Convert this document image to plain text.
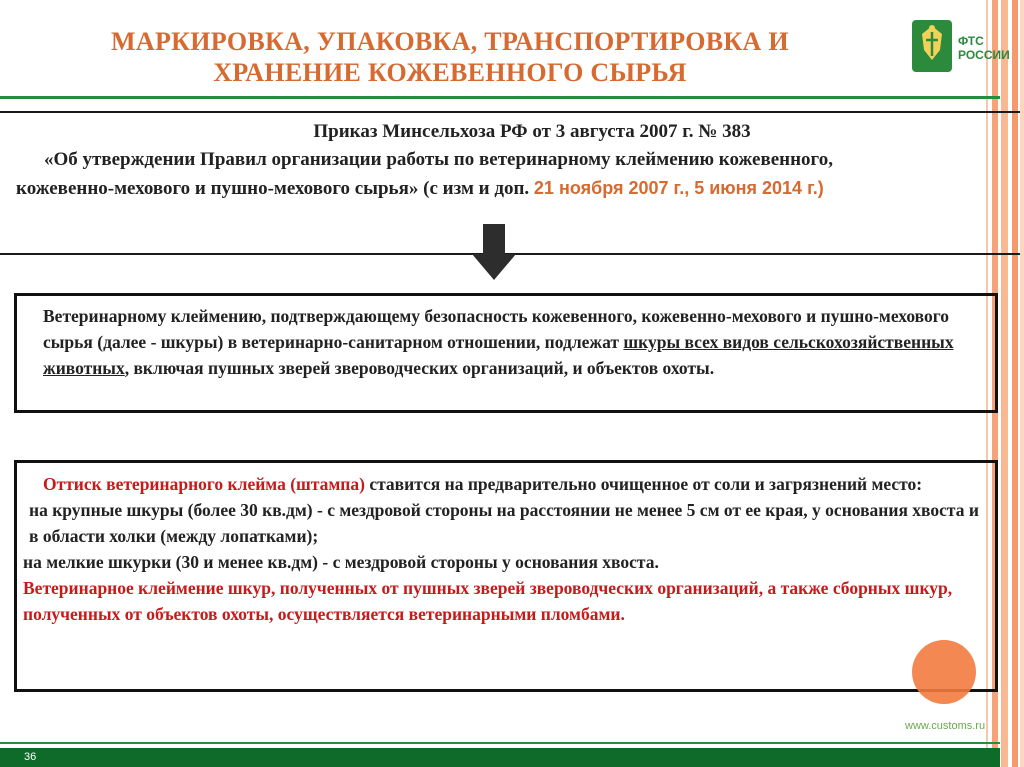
МАРКИРОВКА, УПАКОВКА, ТРАНСПОРТИРОВКА И
ХРАНЕНИЕ КОЖЕВЕННОГО СЫРЬЯ
ФТС
РОССИИ
Приказ Минсельхоза РФ от 3 августа 2007 г. № 383
«Об утверждении Правил организации работы по ветеринарному клеймению кожевенного,
кожевенно-мехового и пушно-мехового сырья» (с изм и доп. 21 ноября 2007 г., 5 июня 2014 г.)
Ветеринарному клеймению, подтверждающему безопасность кожевенного, кожевенно-мехового и пушно-мехового сырья (далее - шкуры) в ветеринарно-санитарном отношении, подлежат шкуры всех видов сельскохозяйственных животных, включая пушных зверей звероводческих организаций, и объектов охоты.
Оттиск ветеринарного клейма (штампа) ставится на предварительно очищенное от соли и загрязнений место:
на крупные шкуры (более 30 кв.дм) - с мездровой стороны на расстоянии не менее 5 см от ее края, у основания хвоста и в области холки (между лопатками);
на мелкие шкурки (30 и менее кв.дм) - с мездровой стороны у основания хвоста.
Ветеринарное клеймение шкур, полученных от пушных зверей звероводческих организаций, а также сборных шкур, полученных от объектов охоты, осуществляется ветеринарными пломбами.
www.customs.ru
36
